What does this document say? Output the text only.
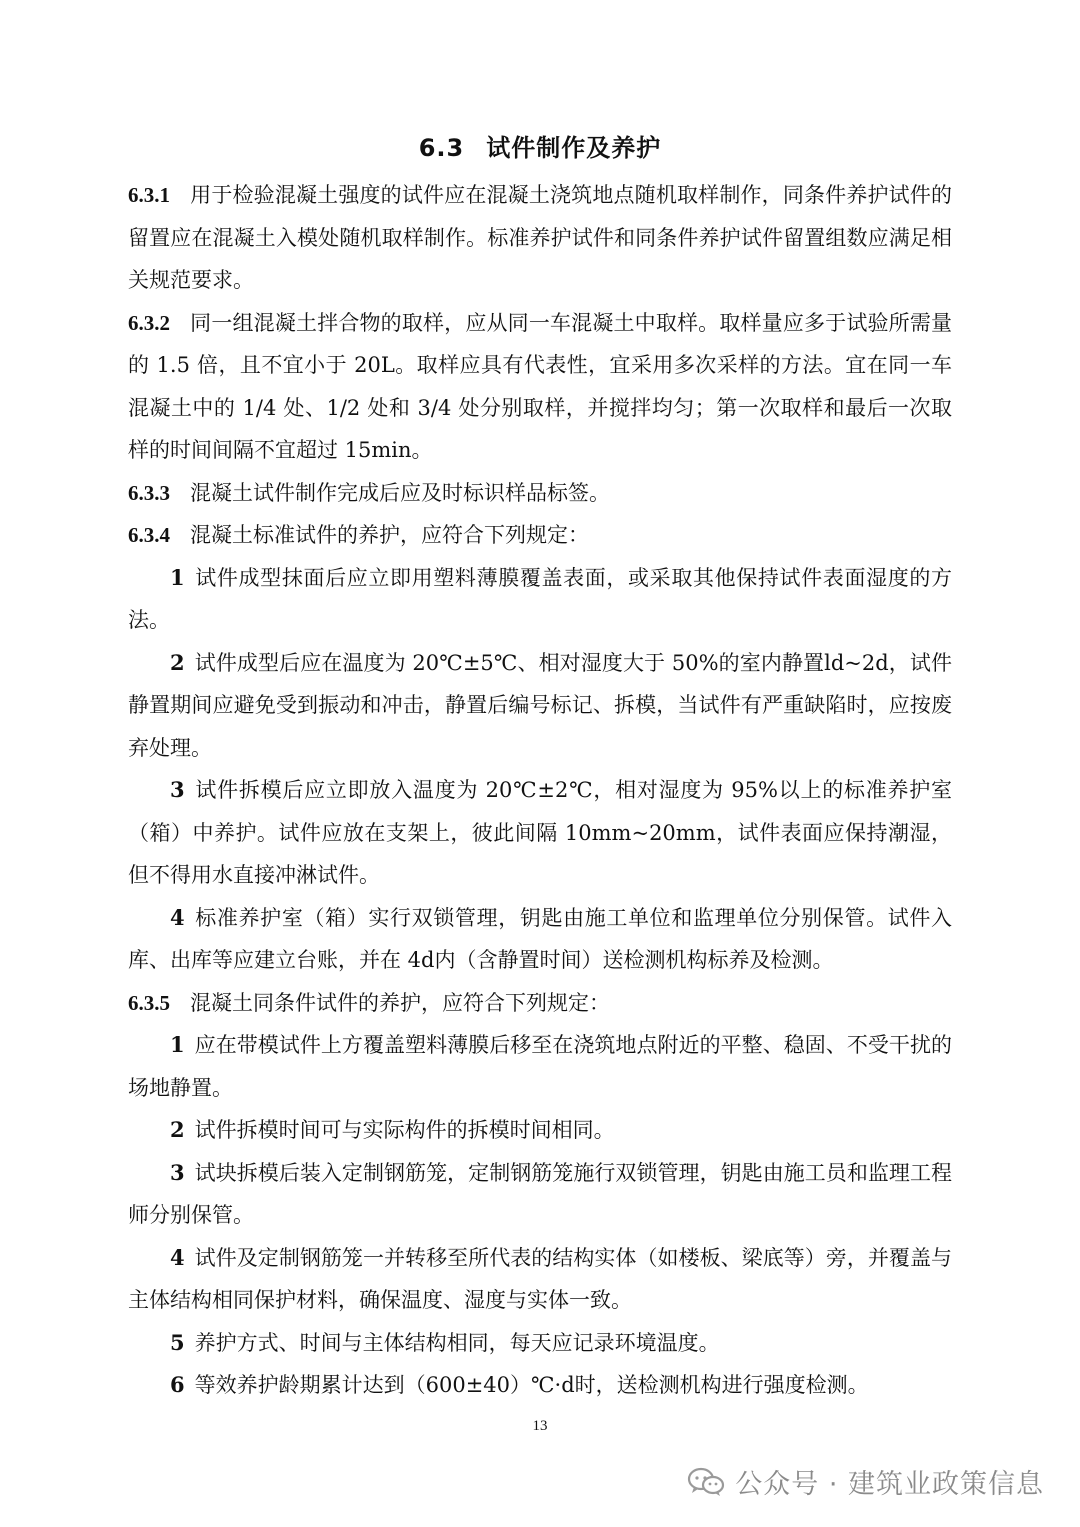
6.3 试件制作及养护

6.3.1 用于检验混凝土强度的试件应在混凝土浇筑地点随机取样制作，同条件养护试件的留置应在混凝土入模处随机取样制作。标准养护试件和同条件养护试件留置组数应满足相关规范要求。

6.3.2 同一组混凝土拌合物的取样，应从同一车混凝土中取样。取样量应多于试验所需量的 1.5 倍，且不宜小于 20L。取样应具有代表性，宜采用多次采样的方法。宜在同一车混凝土中的 1/4 处、1/2 处和 3/4 处分别取样，并搅拌均匀；第一次取样和最后一次取样的时间间隔不宜超过 15min。

6.3.3 混凝土试件制作完成后应及时标识样品标签。

6.3.4 混凝土标准试件的养护，应符合下列规定：

1 试件成型抹面后应立即用塑料薄膜覆盖表面，或采取其他保持试件表面湿度的方法。

2 试件成型后应在温度为 20℃±5℃、相对湿度大于 50%的室内静置ld~2d，试件静置期间应避免受到振动和冲击，静置后编号标记、拆模，当试件有严重缺陷时，应按废弃处理。

3 试件拆模后应立即放入温度为 20℃±2℃，相对湿度为 95%以上的标准养护室（箱）中养护。试件应放在支架上，彼此间隔 10mm~20mm，试件表面应保持潮湿，但不得用水直接冲淋试件。

4 标准养护室（箱）实行双锁管理，钥匙由施工单位和监理单位分别保管。试件入库、出库等应建立台账，并在 4d内（含静置时间）送检测机构标养及检测。

6.3.5 混凝土同条件试件的养护，应符合下列规定：

1 应在带模试件上方覆盖塑料薄膜后移至在浇筑地点附近的平整、稳固、不受干扰的场地静置。

2 试件拆模时间可与实际构件的拆模时间相同。

3 试块拆模后装入定制钢筋笼，定制钢筋笼施行双锁管理，钥匙由施工员和监理工程师分别保管。

4 试件及定制钢筋笼一并转移至所代表的结构实体（如楼板、梁底等）旁，并覆盖与主体结构相同保护材料，确保温度、湿度与实体一致。

5 养护方式、时间与主体结构相同，每天应记录环境温度。

6 等效养护龄期累计达到（600±40）℃·d时，送检测机构进行强度检测。

13
公众号 · 建筑业政策信息
